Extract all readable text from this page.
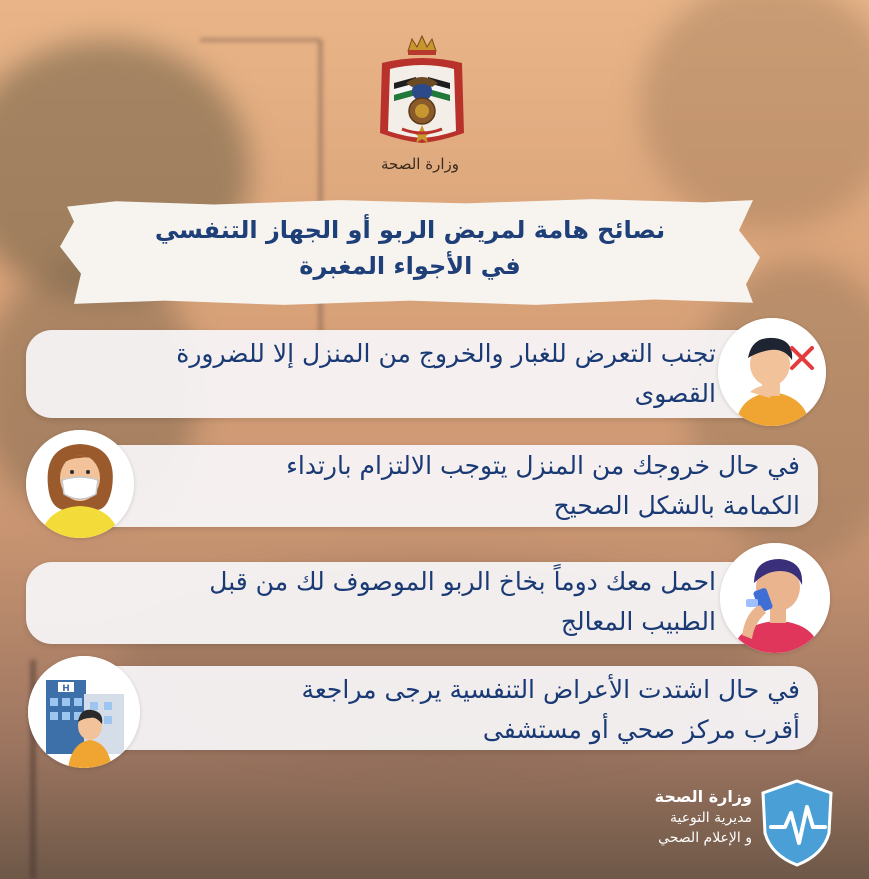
وزارة الصحة
نصائح هامة لمريض الربو أو الجهاز التنفسي
في الأجواء المغبرة
تجنب التعرض للغبار والخروج من المنزل إلا للضرورة
القصوى
في حال خروجك من المنزل يتوجب الالتزام بارتداء
الكمامة بالشكل الصحيح
احمل معك دوماً بخاخ الربو الموصوف لك من قبل
الطبيب المعالج
في حال اشتدت الأعراض التنفسية يرجى مراجعة
أقرب مركز صحي أو مستشفى
H
وزارة الصحة
مديرية التوعية
و الإعلام الصحي
